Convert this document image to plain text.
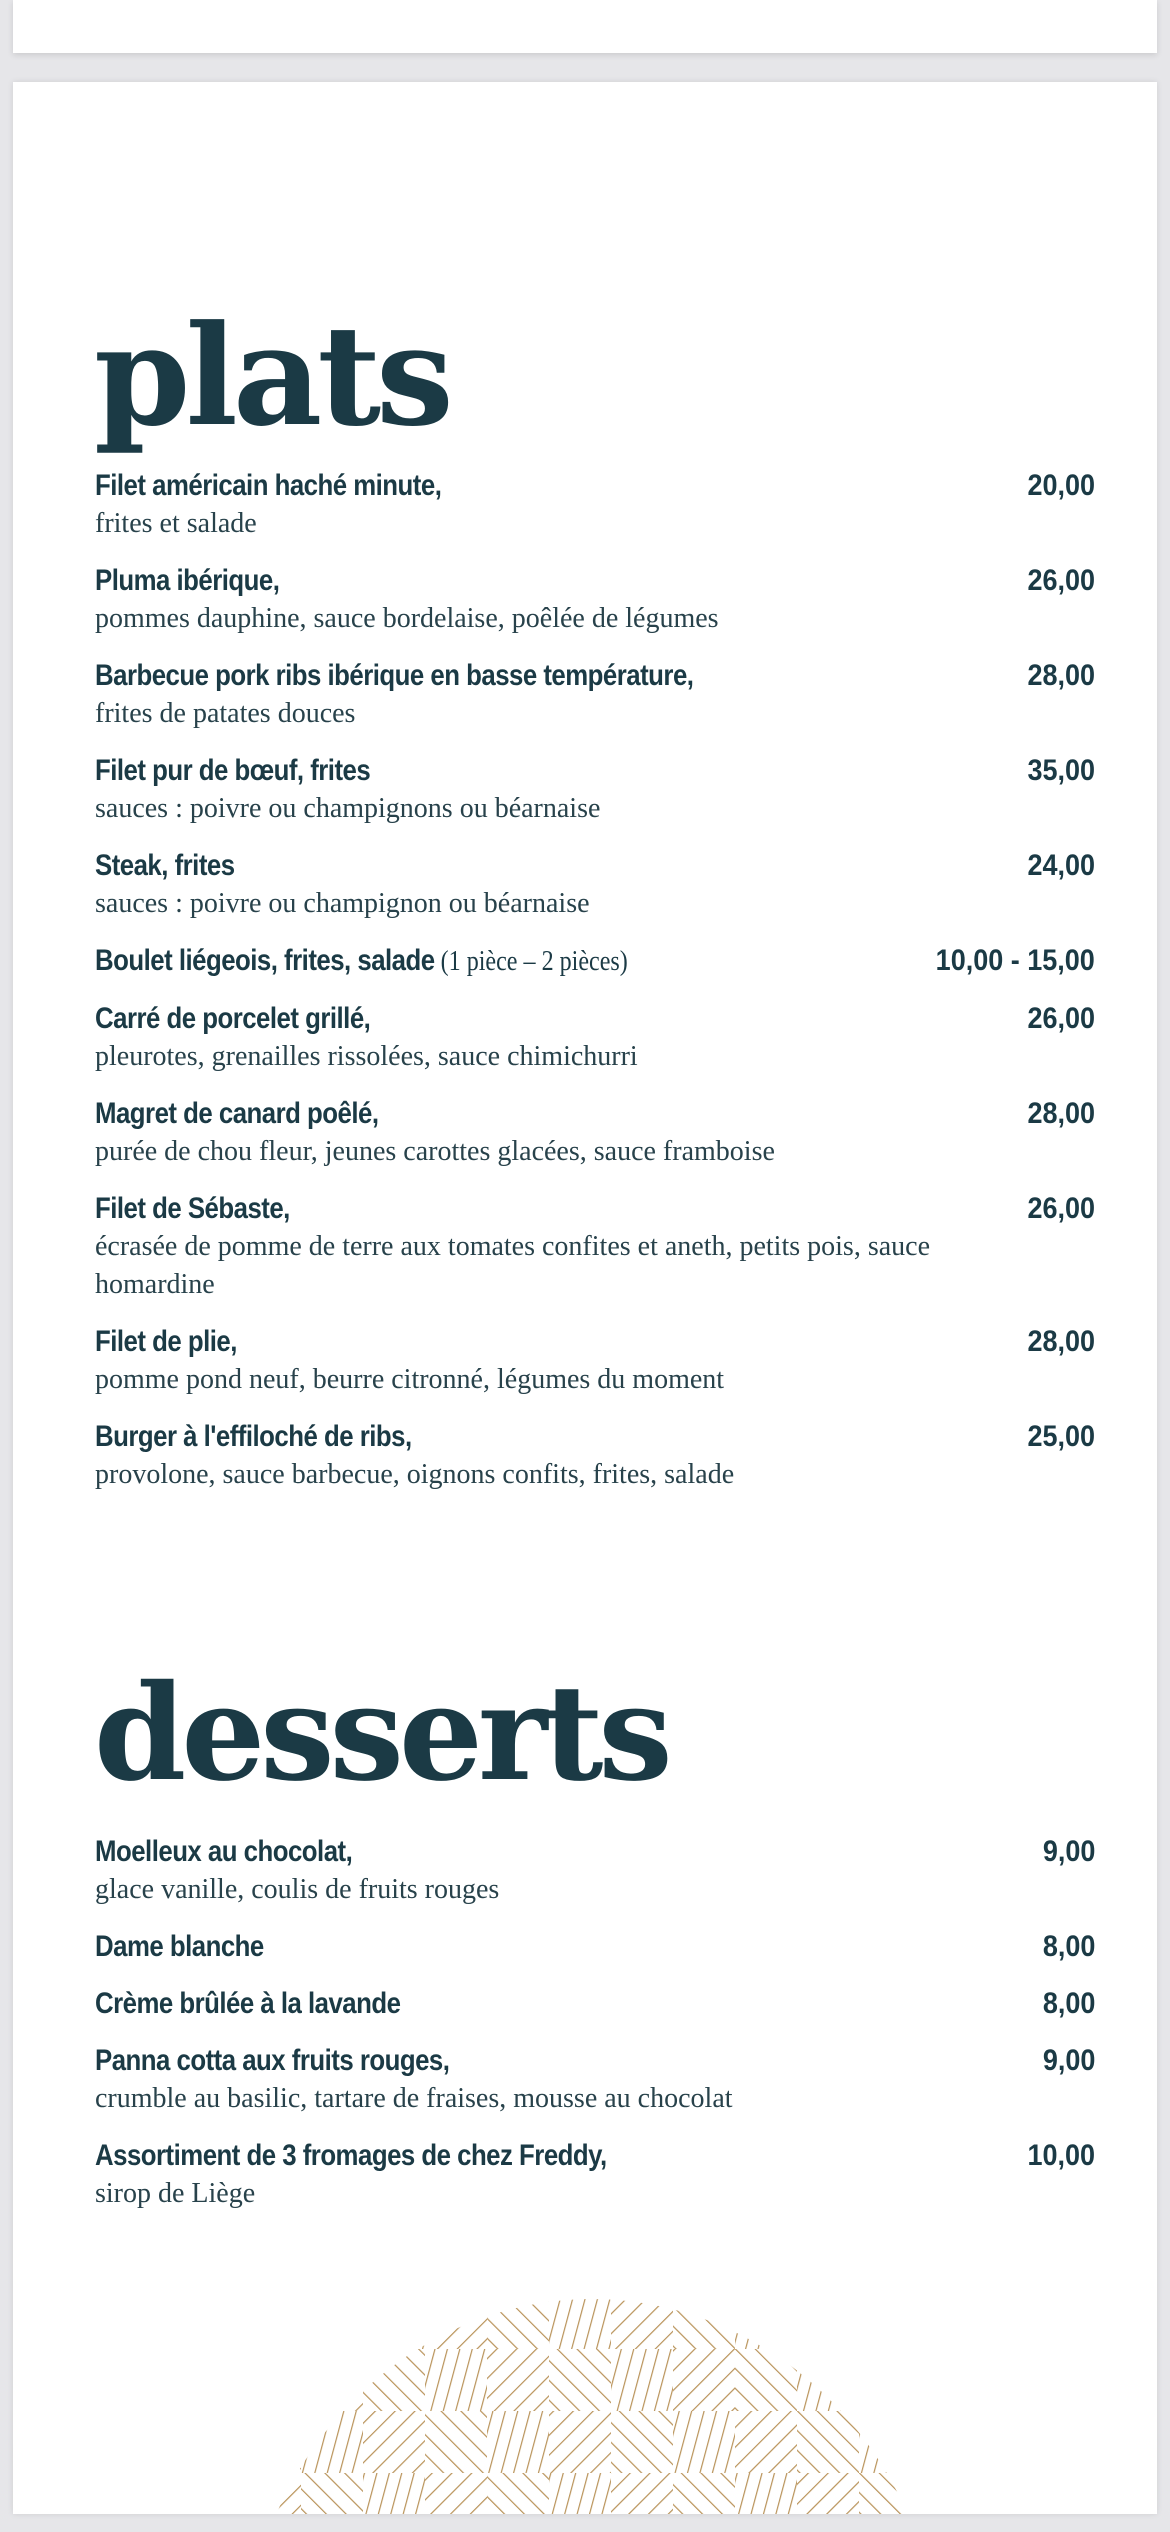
plats
Filet américain haché minute,
frites et salade
20,00
Pluma ibérique,
pommes dauphine, sauce bordelaise, poêlée de légumes
26,00
Barbecue pork ribs ibérique en basse température,
frites de patates douces
28,00
Filet pur de bœuf, frites
sauces : poivre ou champignons ou béarnaise
35,00
Steak, frites
sauces : poivre ou champignon ou béarnaise
24,00
Boulet liégeois, frites, salade (1 pièce – 2 pièces)	10,00 - 15,00
Carré de porcelet grillé,
pleurotes, grenailles rissolées, sauce chimichurri
26,00
Magret de canard poêlé,
purée de chou fleur, jeunes carottes glacées, sauce framboise
28,00
Filet de Sébaste,
écrasée de pomme de terre aux tomates confites et aneth, petits pois, sauce homardine
26,00
Filet de plie,
pomme pond neuf, beurre citronné, légumes du moment
28,00
Burger à l'effiloché de ribs,
provolone, sauce barbecue, oignons confits, frites, salade
25,00
desserts
Moelleux au chocolat,
glace vanille, coulis de fruits rouges
9,00
Dame blanche	8,00
Crème brûlée à la lavande	8,00
Panna cotta aux fruits rouges,
crumble au basilic, tartare de fraises, mousse au chocolat
9,00
Assortiment de 3 fromages de chez Freddy,
sirop de Liège
10,00
